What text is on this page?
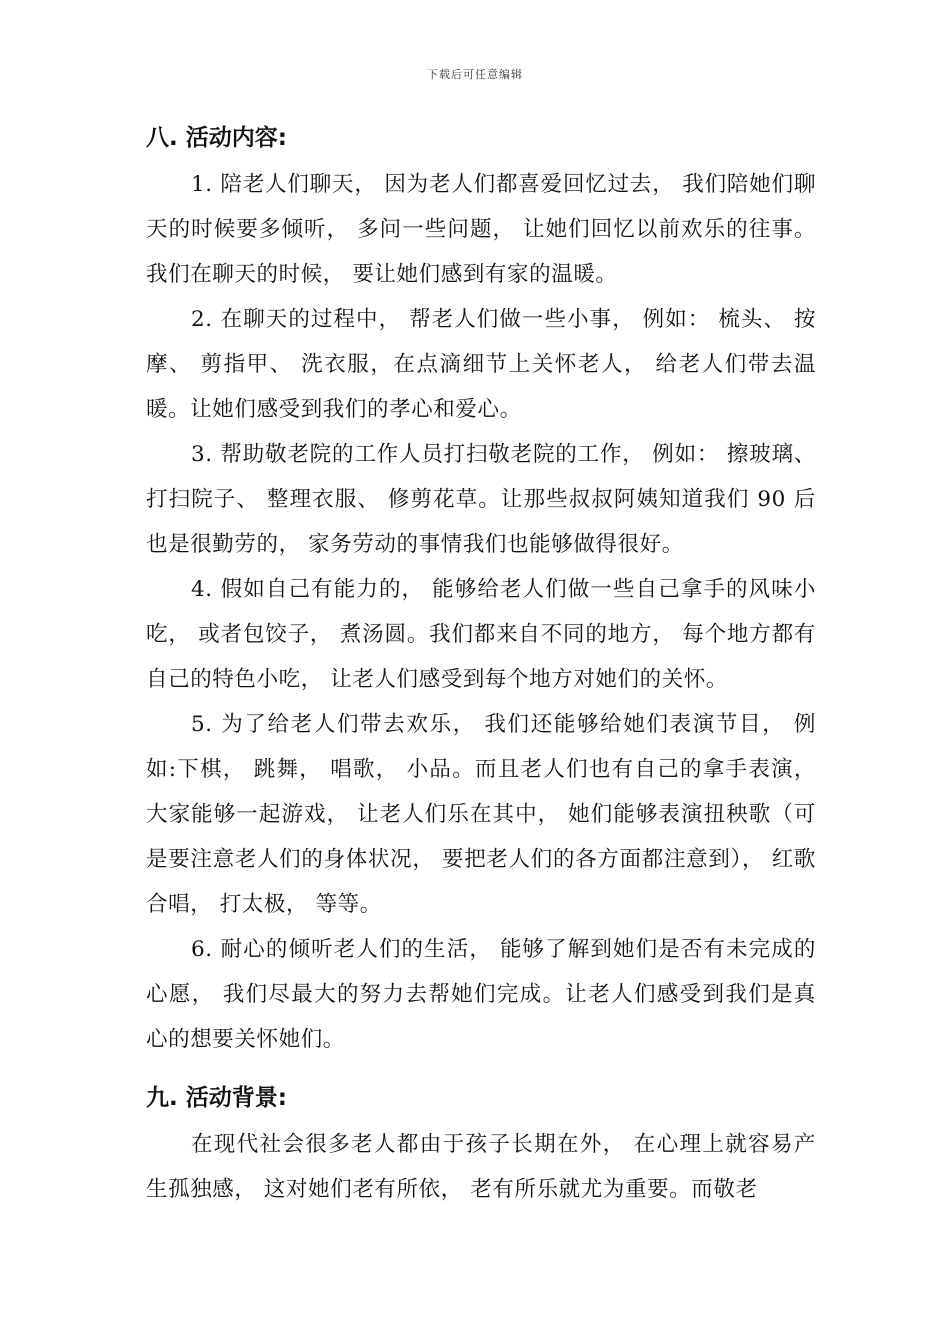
下载后可任意编辑
八. 活动内容:

1. 陪老人们聊天， 因为老人们都喜爱回忆过去， 我们陪她们聊天的时候要多倾听， 多问一些问题， 让她们回忆以前欢乐的往事。我们在聊天的时候， 要让她们感到有家的温暖。

2. 在聊天的过程中， 帮老人们做一些小事， 例如： 梳头、 按摩、 剪指甲、 洗衣服，在点滴细节上关怀老人， 给老人们带去温暖。让她们感受到我们的孝心和爱心。

3. 帮助敬老院的工作人员打扫敬老院的工作， 例如： 擦玻璃、 打扫院子、 整理衣服、 修剪花草。让那些叔叔阿姨知道我们 90 后也是很勤劳的， 家务劳动的事情我们也能够做得很好。

4. 假如自己有能力的， 能够给老人们做一些自己拿手的风味小吃， 或者包饺子， 煮汤圆。我们都来自不同的地方， 每个地方都有自己的特色小吃， 让老人们感受到每个地方对她们的关怀。

5. 为了给老人们带去欢乐， 我们还能够给她们表演节目， 例如:下棋， 跳舞， 唱歌， 小品。而且老人们也有自己的拿手表演， 大家能够一起游戏， 让老人们乐在其中， 她们能够表演扭秧歌（可是要注意老人们的身体状况， 要把老人们的各方面都注意到）， 红歌合唱， 打太极， 等等。

6. 耐心的倾听老人们的生活， 能够了解到她们是否有未完成的心愿， 我们尽最大的努力去帮她们完成。让老人们感受到我们是真心的想要关怀她们。

九. 活动背景:

在现代社会很多老人都由于孩子长期在外， 在心理上就容易产生孤独感， 这对她们老有所依， 老有所乐就尤为重要。而敬老
